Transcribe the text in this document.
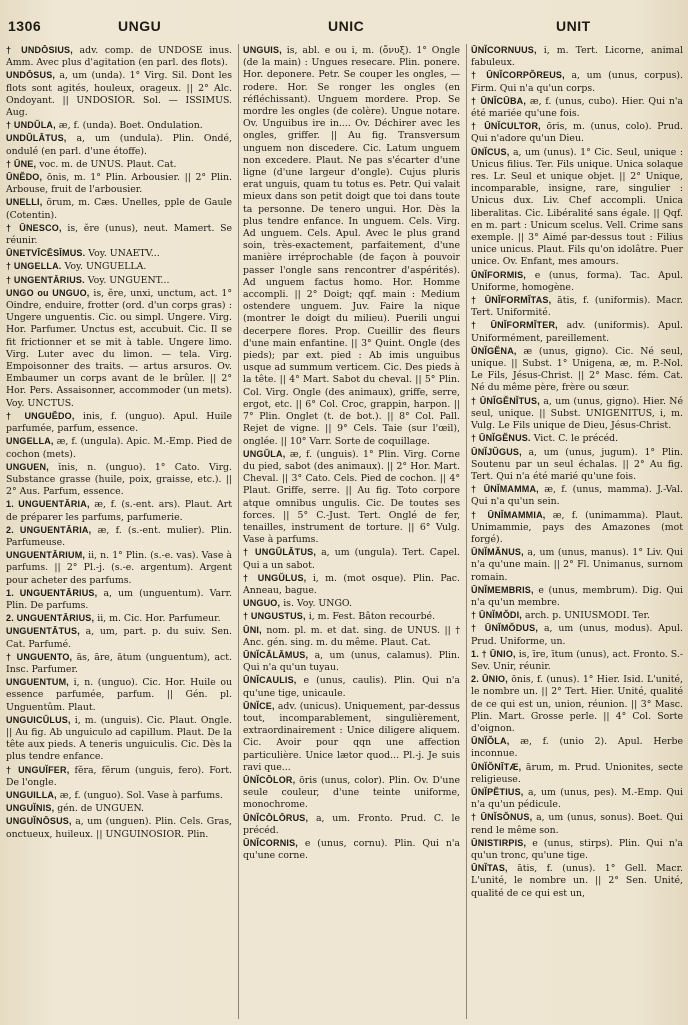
1306	UNGU	UNIC	UNIT

† UNDŌSIUS, adv. comp. de UNDOSE inus. Amm. Avec plus d'agitation (en parl. des flots).

UNDŌSUS, a, um (unda). 1° Virg. Sil. Dont les flots sont agités, houleux, orageux. || 2° Alc. Ondoyant. || UNDOSIOR. Sol. — ISSIMUS. Aug.

† UNDŬLA, æ, f. (unda). Boet. Ondulation.

UNDŬLĀTUS, a, um (undula). Plin. Ondé, ondulé (en parl. d'une étoffe).

† ŪNE, voc. m. de UNUS. Plaut. Cat.

ŪNĔDO, ōnis, m. 1° Plin. Arbousier. || 2° Plin. Arbouse, fruit de l'arbousier.

UNELLI, ōrum, m. Cæs. Unelles, pple de Gaule (Cotentin).

† ŪNESCO, is, ĕre (unus), neut. Mamert. Se réunir.

ŪNETVĪCĒSĪMUS. Voy. UNAETV...

† UNGELLA. Voy. UNGUELLA.

† UNGENTĀRIUS. Voy. UNGUENT...

UNGO ou UNGUO, is, ĕre, unxi, unctum, act. 1° Oindre, enduire, frotter (ord. d'un corps gras) : Ungere unguentis. Cic. ou simpl. Ungere. Virg. Hor. Parfumer. Unctus est, accubuit. Cic. Il se fit frictionner et se mit à table. Ungere limo. Virg. Luter avec du limon. — tela. Virg. Empoisonner des traits. — artus arsuros. Ov. Embaumer un corps avant de le brûler. || 2° Hor. Pers. Assaisonner, accommoder (un mets). Voy. UNCTUS.

† UNGUĔDO, inis, f. (unguo). Apul. Huile parfumée, parfum, essence.

UNGELLA, æ, f. (ungula). Apic. M.-Emp. Pied de cochon (mets).

UNGUEN, ĭnis, n. (unguo). 1° Cato. Virg. Substance grasse (huile, poix, graisse, etc.). || 2° Aus. Parfum, essence.

1. UNGUENTĀRIA, æ, f. (s.-ent. ars). Plaut. Art de préparer les parfums, parfumerie.

2. UNGUENTĀRIA, æ, f. (s.-ent. mulier). Plin. Parfumeuse.

UNGUENTĀRIUM, ii, n. 1° Plin. (s.-e. vas). Vase à parfums. || 2° Pl.-j. (s.-e. argentum). Argent pour acheter des parfums.

1. UNGUENTĀRIUS, a, um (unguentum). Varr. Plin. De parfums.

2. UNGUENTĀRIUS, ii, m. Cic. Hor. Parfumeur.

UNGUENTĀTUS, a, um, part. p. du suiv. Sen. Cat. Parfumé.

† UNGUENTO, ās, āre, ātum (unguentum), act. Insc. Parfumer.

UNGUENTUM, i, n. (unguo). Cic. Hor. Huile ou essence parfumée, parfum. || Gén. pl. Unguentûm. Plaut.

UNGUICŬLUS, i, m. (unguis). Cic. Plaut. Ongle. || Au fig. Ab unguiculo ad capillum. Plaut. De la tête aux pieds. A teneris unguiculis. Cic. Dès la plus tendre enfance.

† UNGUĬFER, fĕra, fĕrum (unguis, fero). Fort. De l'ongle.

UNGUILLA, æ, f. (unguo). Sol. Vase à parfums.

UNGUĬNIS, gén. de UNGUEN.

UNGUĬNŌSUS, a, um (unguen). Plin. Cels. Gras, onctueux, huileux. || UNGUINOSIOR. Plin.

UNGUIS, is, abl. e ou i, m. (ὄνυξ). 1° Ongle (de la main) : Ungues resecare. Plin. ponere. Hor. deponere. Petr. Se couper les ongles, — rodere. Hor. Se ronger les ongles (en réfléchissant). Unguem mordere. Prop. Se mordre les ongles (de colère). Ungue notare. Ov. Unguibus ire in.... Ov. Déchirer avec les ongles, griffer. || Au fig. Transversum unguem non discedere. Cic. Latum unguem non excedere. Plaut. Ne pas s'écarter d'une ligne (d'une largeur d'ongle). Cujus pluris erat unguis, quam tu totus es. Petr. Qui valait mieux dans son petit doigt que toi dans toute ta personne. De tenero ungui. Hor. Dès la plus tendre enfance. In unguem. Cels. Virg. Ad unguem. Cels. Apul. Avec le plus grand soin, très-exactement, parfaitement, d'une manière irréprochable (de façon à pouvoir passer l'ongle sans rencontrer d'aspérités). Ad unguem factus homo. Hor. Homme accompli. || 2° Doigt; qqf. main : Medium ostendere unguem. Juv. Faire la nique (montrer le doigt du milieu). Puerili ungui decerpere flores. Prop. Cueillir des fleurs d'une main enfantine. || 3° Quint. Ongle (des pieds); par ext. pied : Ab imis unguibus usque ad summum verticem. Cic. Des pieds à la tête. || 4° Mart. Sabot du cheval. || 5° Plin. Col. Virg. Ongle (des animaux), griffe, serre, ergot, etc. || 6° Col. Croc, grappin, harpon. || 7° Plin. Onglet (t. de bot.). || 8° Col. Pall. Rejet de vigne. || 9° Cels. Taie (sur l'œil), onglée. || 10° Varr. Sorte de coquillage.

UNGŬLA, æ, f. (unguis). 1° Plin. Virg. Corne du pied, sabot (des animaux). || 2° Hor. Mart. Cheval. || 3° Cato. Cels. Pied de cochon. || 4° Plaut. Griffe, serre. || Au fig. Toto corpore atque omnibus ungulis. Cic. De toutes ses forces. || 5° C.-Just. Tert. Onglé de fer, tenailles, instrument de torture. || 6° Vulg. Vase à parfums.

† UNGŬLĀTUS, a, um (ungula). Tert. Capel. Qui a un sabot.

† UNGŬLUS, i, m. (mot osque). Plin. Pac. Anneau, bague.

UNGUO, is. Voy. UNGO.

† UNGUSTUS, i, m. Fest. Bâton recourbé.

ŪNI, nom. pl. m. et dat. sing. de UNUS. || † Anc. gén. sing. m. du même. Plaut. Cat.

ŪNĬCĂLĀMUS, a, um (unus, calamus). Plin. Qui n'a qu'un tuyau.

ŪNĬCAULIS, e (unus, caulis). Plin. Qui n'a qu'une tige, unicaule.

ŪNĬCE, adv. (unicus). Uniquement, par-dessus tout, incomparablement, singulièrement, extraordinairement : Unice diligere aliquem. Cic. Avoir pour qqn une affection particulière. Unice lætor quod... Pl.-j. Je suis ravi que...

ŪNĬCŌLOR, ōris (unus, color). Plin. Ov. D'une seule couleur, d'une teinte uniforme, monochrome.

ŪNĬCŌLŌRUS, a, um. Fronto. Prud. C. le précéd.

ŪNĬCORNIS, e (unus, cornu). Plin. Qui n'a qu'une corne.

ŪNĬCORNUUS, i, m. Tert. Licorne, animal fabuleux.

† ŪNĬCORPŎREUS, a, um (unus, corpus). Firm. Qui n'a qu'un corps.

† ŪNĬCŪBA, æ, f. (unus, cubo). Hier. Qui n'a été mariée qu'une fois.

† ŪNĬCULTOR, ōris, m. (unus, colo). Prud. Qui n'adore qu'un Dieu.

ŪNĬCUS, a, um (unus). 1° Cic. Seul, unique : Unicus filius. Ter. Fils unique. Unica solaque res. Lr. Seul et unique objet. || 2° Unique, incomparable, insigne, rare, singulier : Unicus dux. Liv. Chef accompli. Unica liberalitas. Cic. Libéralité sans égale. || Qqf. en m. part : Unicum scelus. Vell. Crime sans exemple. || 3° Aimé par-dessus tout : Filius unice unicus. Plaut. Fils qu'on idolâtre. Puer unice. Ov. Enfant, mes amours.

ŪNĬFORMIS, e (unus, forma). Tac. Apul. Uniforme, homogène.

† ŪNĬFORMĬTAS, ātis, f. (uniformis). Macr. Tert. Uniformité.

† ŪNĬFORMĬTER, adv. (uniformis). Apul. Uniformément, pareillement.

ŪNĬGĔNA, æ (unus, gigno). Cic. Né seul, unique. || Subst. 1° Unigena, æ, m. P.-Nol. Le Fils, Jésus-Christ. || 2° Masc. fém. Cat. Né du même père, frère ou sœur.

† ŪNĬGĔNĬTUS, a, um (unus, gigno). Hier. Né seul, unique. || Subst. UNIGENITUS, i, m. Vulg. Le Fils unique de Dieu, Jésus-Christ.

† ŪNĬGĔNUS. Vict. C. le précéd.

ŪNĬJŬGUS, a, um (unus, jugum). 1° Plin. Soutenu par un seul échalas. || 2° Au fig. Tert. Qui n'a été marié qu'une fois.

† ŪNĬMAMMA, æ, f. (unus, mamma). J.-Val. Qui n'a qu'un sein.

† ŪNĬMAMMIA, æ, f. (unimamma). Plaut. Unimammie, pays des Amazones (mot forgé).

ŪNĬMĂNUS, a, um (unus, manus). 1° Liv. Qui n'a qu'une main. || 2° Fl. Unimanus, surnom romain.

ŪNĬMEMBRIS, e (unus, membrum). Dig. Qui n'a qu'un membre.

† ŪNĬMŎDI, arch. p. UNIUSMODI. Ter.

† ŪNĬMŎDUS, a, um (unus, modus). Apul. Prud. Uniforme, un.

1. † ŪNIO, is, īre, ītum (unus), act. Fronto. S.-Sev. Unir, réunir.

2. ŪNIO, ōnis, f. (unus). 1° Hier. Isid. L'unité, le nombre un. || 2° Tert. Hier. Unité, qualité de ce qui est un, union, réunion. || 3° Masc. Plin. Mart. Grosse perle. || 4° Col. Sorte d'oignon.

ŪNĬŎLA, æ, f. (unio 2). Apul. Herbe inconnue.

ŪNĬŎNĪTÆ, ārum, m. Prud. Unionites, secte religieuse.

ŪNĬPĔTIUS, a, um (unus, pes). M.-Emp. Qui n'a qu'un pédicule.

† ŪNĬSŎNUS, a, um (unus, sonus). Boet. Qui rend le même son.

ŪNISTIRPIS, e (unus, stirps). Plin. Qui n'a qu'un tronc, qu'une tige.

ŪNĬTAS, ātis, f. (unus). 1° Gell. Macr. L'unité, le nombre un. || 2° Sen. Unité, qualité de ce qui est un,
